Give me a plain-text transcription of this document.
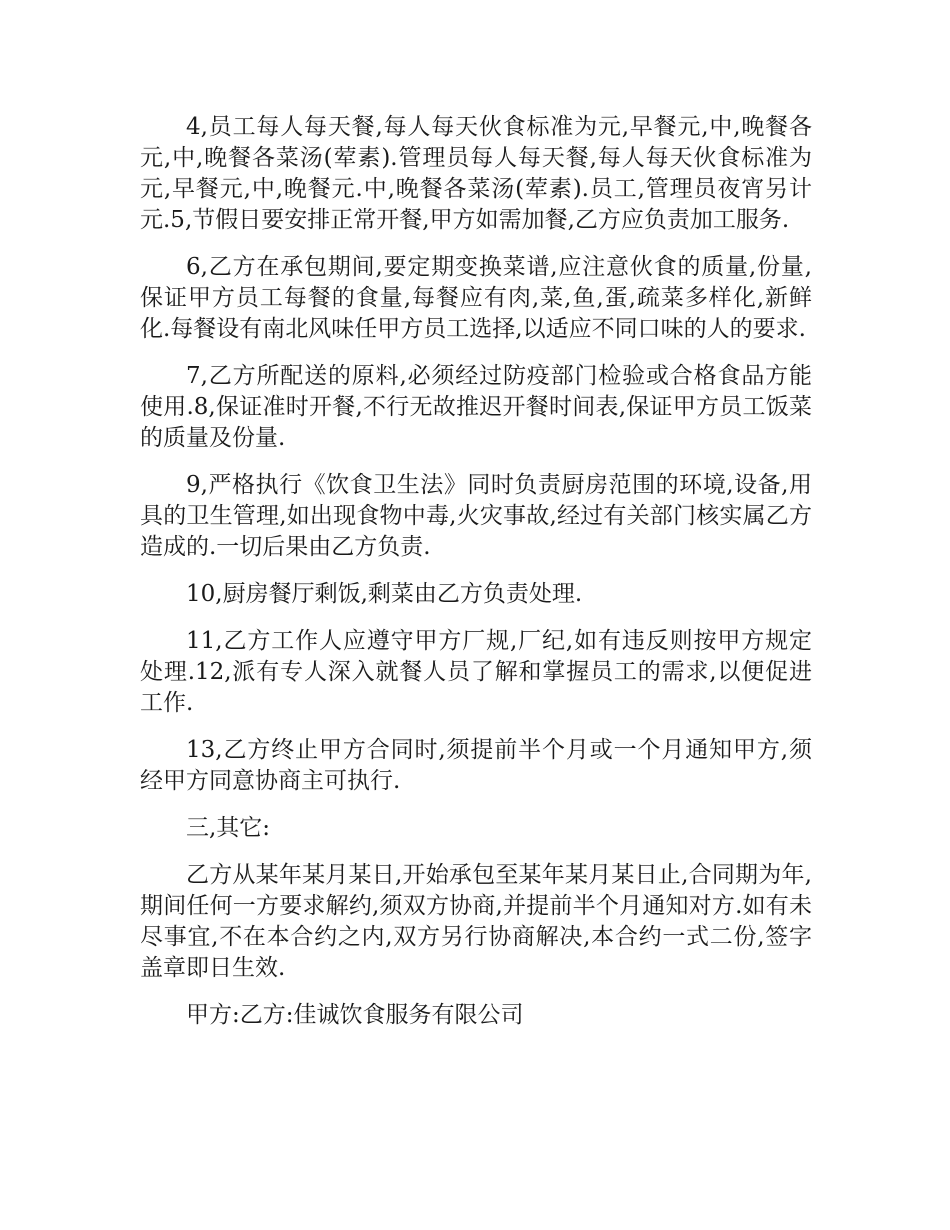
4,员工每人每天餐,每人每天伙食标准为元,早餐元,中,晚餐各元,中,晚餐各菜汤(荤素).管理员每人每天餐,每人每天伙食标准为元,早餐元,中,晚餐元.中,晚餐各菜汤(荤素).员工,管理员夜宵另计元.5,节假日要安排正常开餐,甲方如需加餐,乙方应负责加工服务.

6,乙方在承包期间,要定期变换菜谱,应注意伙食的质量,份量,保证甲方员工每餐的食量,每餐应有肉,菜,鱼,蛋,疏菜多样化,新鲜化.每餐设有南北风味任甲方员工选择,以适应不同口味的人的要求.

7,乙方所配送的原料,必须经过防疫部门检验或合格食品方能使用.8,保证准时开餐,不行无故推迟开餐时间表,保证甲方员工饭菜的质量及份量.

9,严格执行《饮食卫生法》同时负责厨房范围的环境,设备,用具的卫生管理,如出现食物中毒,火灾事故,经过有关部门核实属乙方造成的.一切后果由乙方负责.

10,厨房餐厅剩饭,剩菜由乙方负责处理.

11,乙方工作人应遵守甲方厂规,厂纪,如有违反则按甲方规定处理.12,派有专人深入就餐人员了解和掌握员工的需求,以便促进工作.

13,乙方终止甲方合同时,须提前半个月或一个月通知甲方,须经甲方同意协商主可执行.

三,其它:

乙方从某年某月某日,开始承包至某年某月某日止,合同期为年,期间任何一方要求解约,须双方协商,并提前半个月通知对方.如有未尽事宜,不在本合约之内,双方另行协商解决,本合约一式二份,签字盖章即日生效.

甲方:乙方:佳诚饮食服务有限公司
